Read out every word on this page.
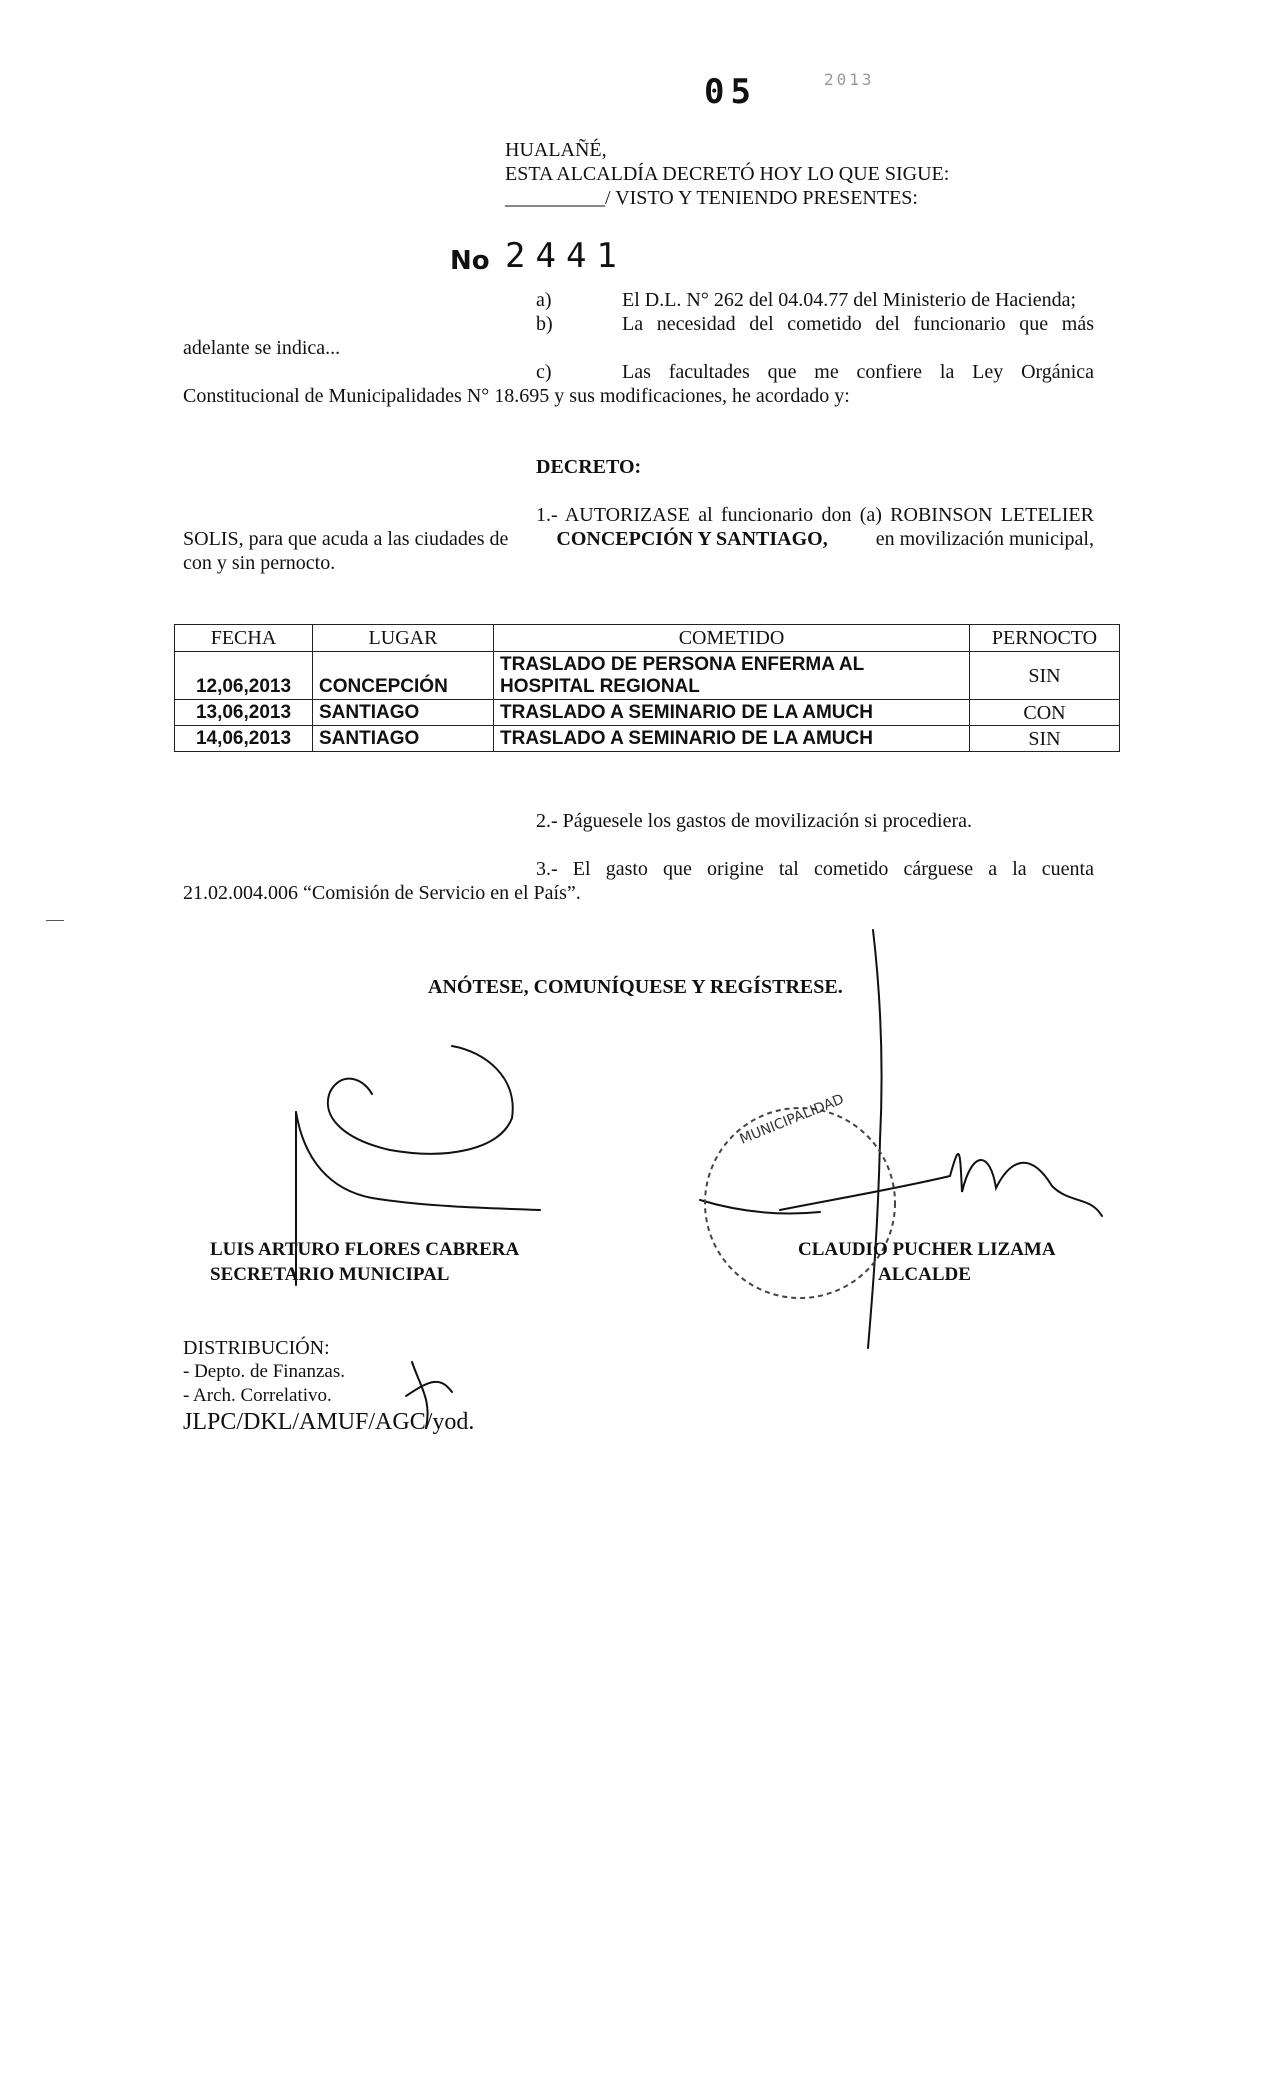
05	2013
HUALAÑÉ,
ESTA ALCALDÍA DECRETÓ HOY LO QUE SIGUE:
__________/ VISTO Y TENIENDO PRESENTES:
No 2441
a)	El D.L. N° 262 del 04.04.77 del Ministerio de Hacienda;
b)	La necesidad del cometido del funcionario que más
adelante se indica...
c)	Las facultades que me confiere la Ley Orgánica
Constitucional de Municipalidades N° 18.695 y sus modificaciones, he acordado y:
DECRETO:
1.- AUTORIZASE al funcionario don (a) ROBINSON LETELIER
SOLIS, para que acuda a las ciudades de CONCEPCIÓN Y SANTIAGO, en movilización municipal,
con y sin pernocto.
FECHA	LUGAR	COMETIDO	PERNOCTO
12,06,2013	CONCEPCIÓN	TRASLADO DE PERSONA ENFERMA AL
HOSPITAL REGIONAL	SIN
13,06,2013	SANTIAGO	TRASLADO A SEMINARIO DE LA AMUCH	CON
14,06,2013	SANTIAGO	TRASLADO A SEMINARIO DE LA AMUCH	SIN
2.- Páguesele los gastos de movilización si procediera.
3.- El gasto que origine tal cometido cárguese a la cuenta
21.02.004.006 “Comisión de Servicio en el País”.
ANÓTESE, COMUNÍQUESE Y REGÍSTRESE.
MUNICIPALIDAD
LUIS ARTURO FLORES CABRERA
SECRETARIO MUNICIPAL
CLAUDIO PUCHER LIZAMA
ALCALDE
DISTRIBUCIÓN:
- Depto. de Finanzas.
- Arch. Correlativo.
JLPC/DKL/AMUF/AGC/yod.
